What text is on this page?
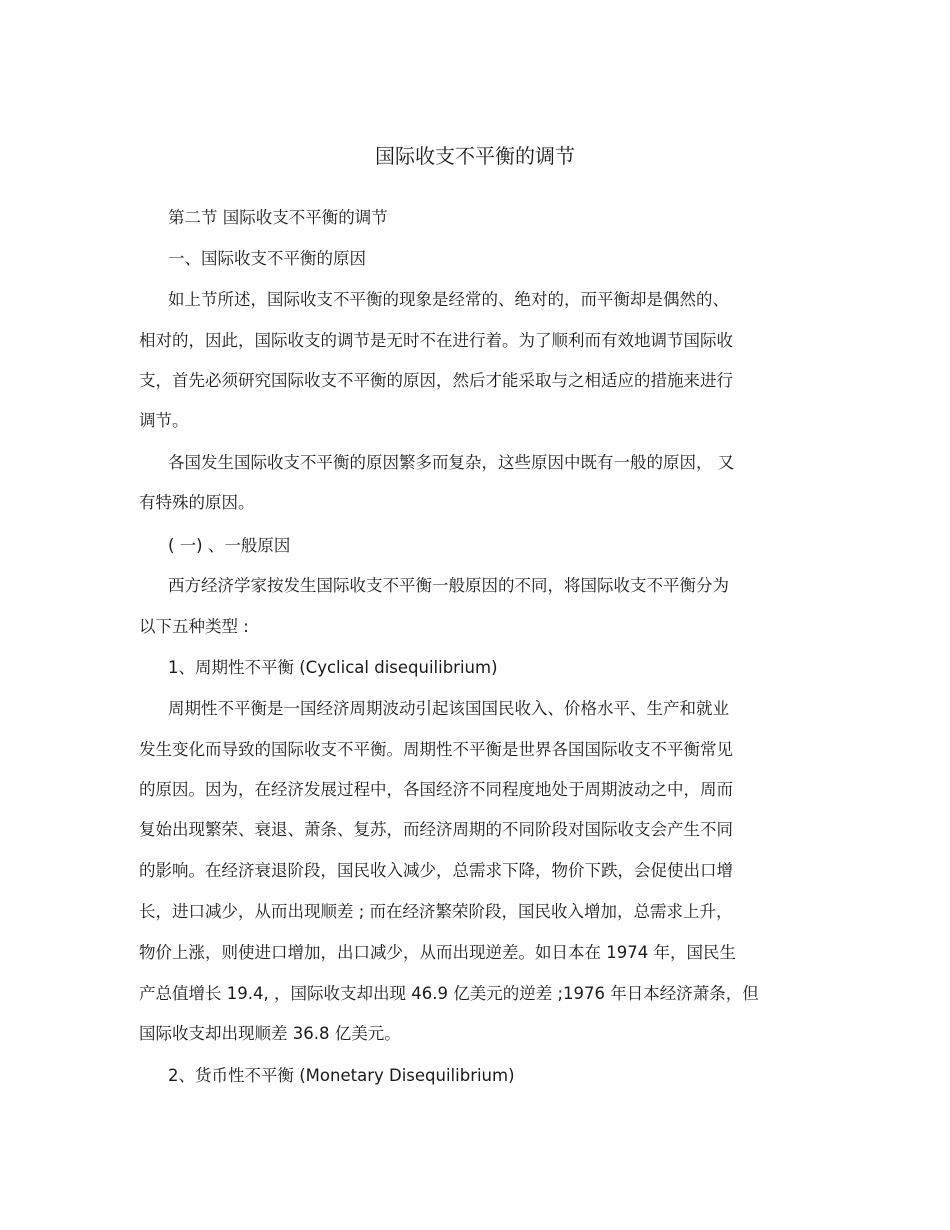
国际收支不平衡的调节
第二节 国际收支不平衡的调节
一、国际收支不平衡的原因
如上节所述，国际收支不平衡的现象是经常的、绝对的，而平衡却是偶然的、
相对的，因此，国际收支的调节是无时不在进行着。为了顺利而有效地调节国际收
支，首先必须研究国际收支不平衡的原因，然后才能采取与之相适应的措施来进行
调节。
各国发生国际收支不平衡的原因繁多而复杂，这些原因中既有一般的原因， 又
有特殊的原因。
( 一) 、一般原因
西方经济学家按发生国际收支不平衡一般原因的不同，将国际收支不平衡分为
以下五种类型 :
1、周期性不平衡 (Cyclical disequilibrium)
周期性不平衡是一国经济周期波动引起该国国民收入、价格水平、生产和就业
发生变化而导致的国际收支不平衡。周期性不平衡是世界各国国际收支不平衡常见
的原因。因为，在经济发展过程中，各国经济不同程度地处于周期波动之中，周而
复始出现繁荣、衰退、萧条、复苏，而经济周期的不同阶段对国际收支会产生不同
的影响。在经济衰退阶段，国民收入减少，总需求下降，物价下跌，会促使出口增
长，进口减少，从而出现顺差 ; 而在经济繁荣阶段，国民收入增加，总需求上升，
物价上涨，则使进口增加，出口减少，从而出现逆差。如日本在 1974 年，国民生
产总值增长 19.4, ，国际收支却出现 46.9 亿美元的逆差 ;1976 年日本经济萧条，但
国际收支却出现顺差 36.8 亿美元。
2、货币性不平衡 (Monetary Disequilibrium)
